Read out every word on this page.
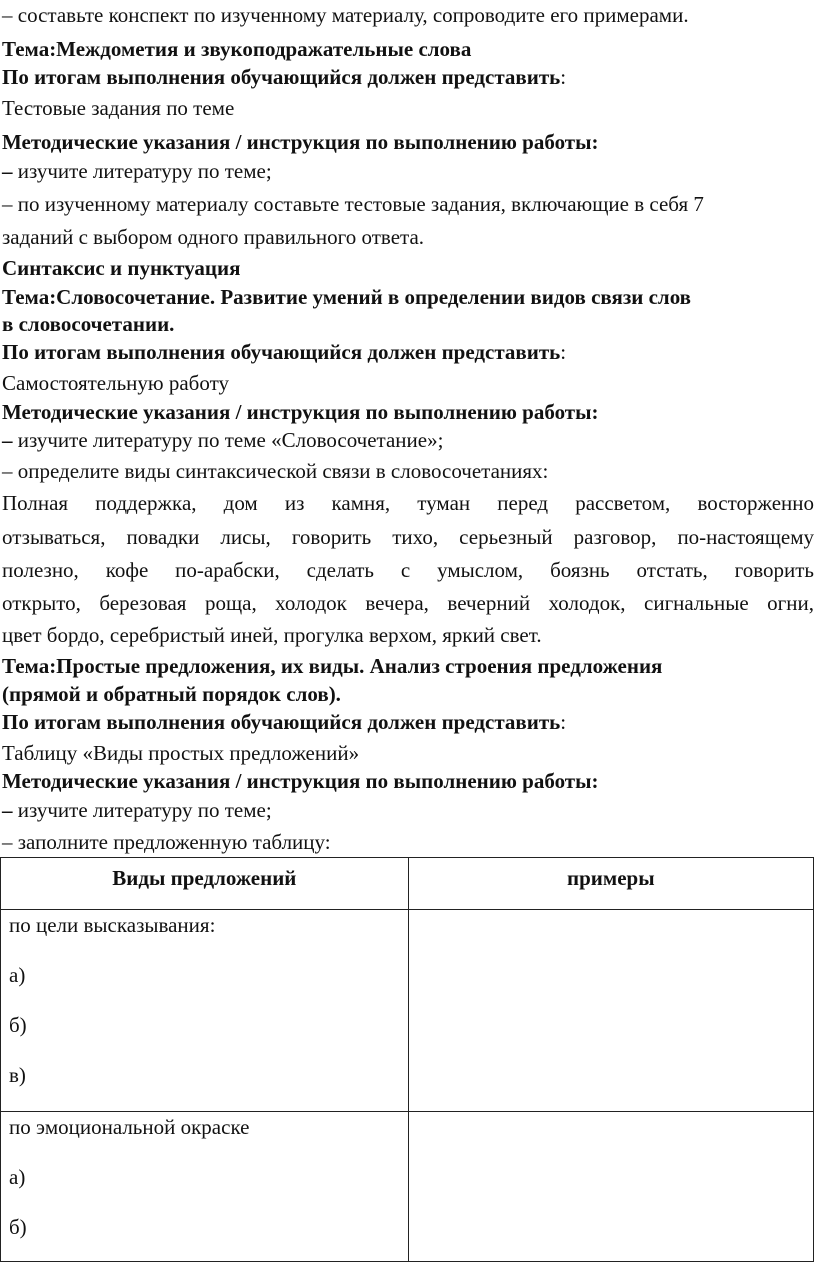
– составьте конспект по изученному материалу, сопроводите его примерами.
Тема:Междометия и звукоподражательные слова
По итогам выполнения обучающийся должен представить:
Тестовые задания по теме
Методические указания / инструкция по выполнению работы:
– изучите литературу по теме;
– по изученному материалу составьте тестовые задания, включающие в себя 7
заданий с выбором одного правильного ответа.
Синтаксис и пунктуация
Тема:Словосочетание. Развитие умений в определении видов связи слов
в словосочетании.
По итогам выполнения обучающийся должен представить:
Самостоятельную работу
Методические указания / инструкция по выполнению работы:
– изучите литературу по теме «Словосочетание»;
– определите виды синтаксической связи в словосочетаниях:
Полная поддержка, дом из камня, туман перед рассветом, восторженно
отзываться, повадки лисы, говорить тихо, серьезный разговор, по-настоящему
полезно, кофе по-арабски, сделать с умыслом, боязнь отстать, говорить
открыто, березовая роща, холодок вечера, вечерний холодок, сигнальные огни,
цвет бордо, серебристый иней, прогулка верхом, яркий свет.
Тема:Простые предложения, их виды. Анализ строения предложения
(прямой и обратный порядок слов).
По итогам выполнения обучающийся должен представить:
Таблицу «Виды простых предложений»
Методические указания / инструкция по выполнению работы:
– изучите литературу по теме;
– заполните предложенную таблицу:
Виды предложений	примеры

по цели высказывания:
а)
б)
в)	

по эмоциональной окраске
а)
б)	
